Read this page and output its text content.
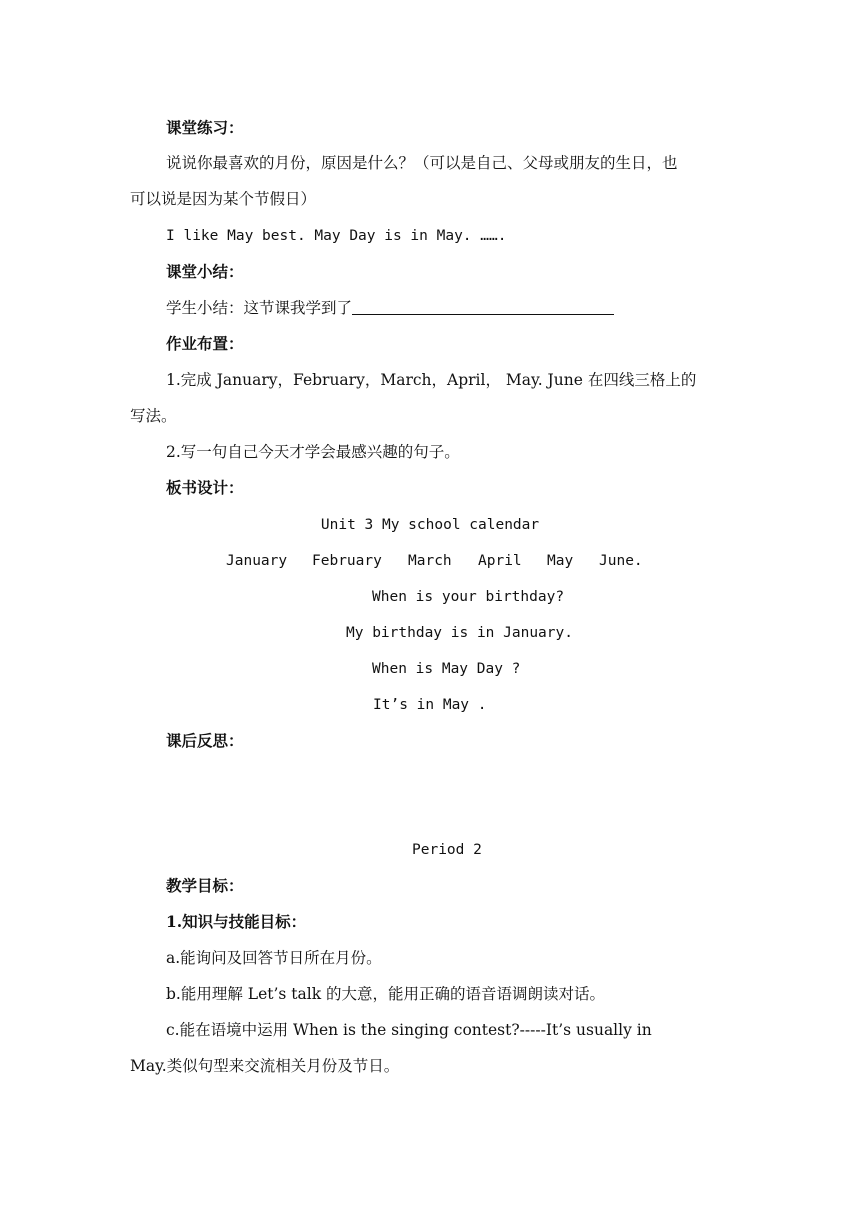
课堂练习：
说说你最喜欢的月份，原因是什么？（可以是自己、父母或朋友的生日，也
可以说是因为某个节假日）
I like May best. May Day is in May. …….
课堂小结：
学生小结：这节课我学到了
作业布置：
1.完成 January，February，March，April， May. June 在四线三格上的
写法。
2.写一句自己今天才学会最感兴趣的句子。
板书设计：
Unit 3 My school calendar
January February March April May June.
When is your birthday?
My birthday is in January.
When is May Day ?
It’s in May .
课后反思：
Period 2
教学目标：
1.知识与技能目标：
a.能询问及回答节日所在月份。
b.能用理解 Let’s talk 的大意，能用正确的语音语调朗读对话。
c.能在语境中运用 When is the singing contest?-----It’s usually in
May.类似句型来交流相关月份及节日。
